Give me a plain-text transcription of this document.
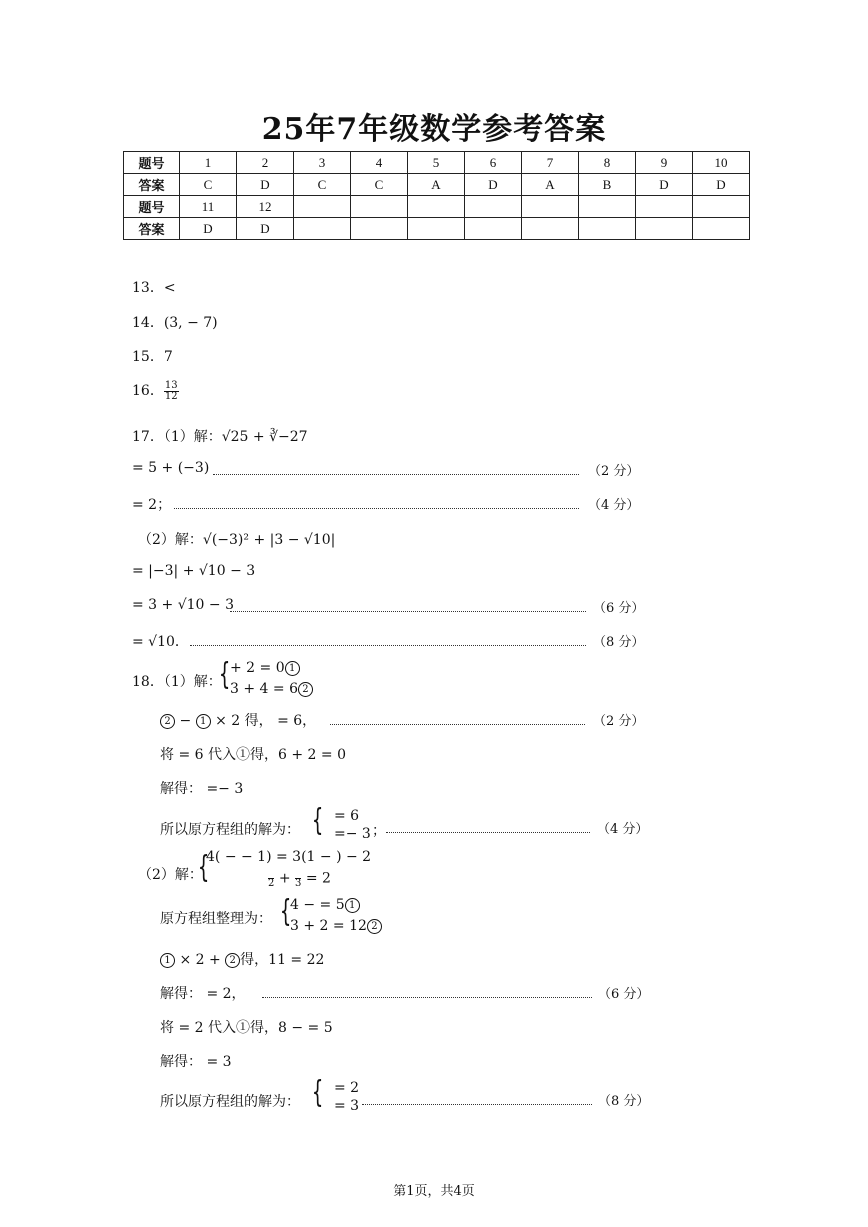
25年7年级数学参考答案
题号	1	2	3	4	5	6	7	8	9	10
答案	C	D	C	C	A	D	A	B	D	D
题号	11	12								
答案	D	D								
13．<
14．(3, − 7)
15．7
16． $\frac{13}{12}$
17．（1）解：√25 + ∛−27
= 5 + (−3)	（2 分）
= 2；	（4 分）
（2）解：√(−3)² + |3 − √10|
= |−3| + √10 − 3
= 3 + √10 − 3	（6 分）
= √10．	（8 分）
18．（1）解：
{ + 2 = 0 1
3 + 4 = 6 2
2 − 1 × 2 得， = 6，	（2 分）
将 = 6 代入①得，6 + 2 = 0
解得： =− 3
所以原方程组的解为： { = 6
=− 3 ；	（4 分）
（2）解：
{
4( − − 1) = 3(1 − ) − 2

2 +
3 = 2
原方程组整理为： {
4 − = 5 1
3 + 2 = 12 2
1 × 2 + 2 得，11 = 22
解得： = 2，	（6 分）
将 = 2 代入①得，8 − = 5
解得： = 3
所以原方程组的解为： { = 2
= 3	（8 分）
第1页，共4页
